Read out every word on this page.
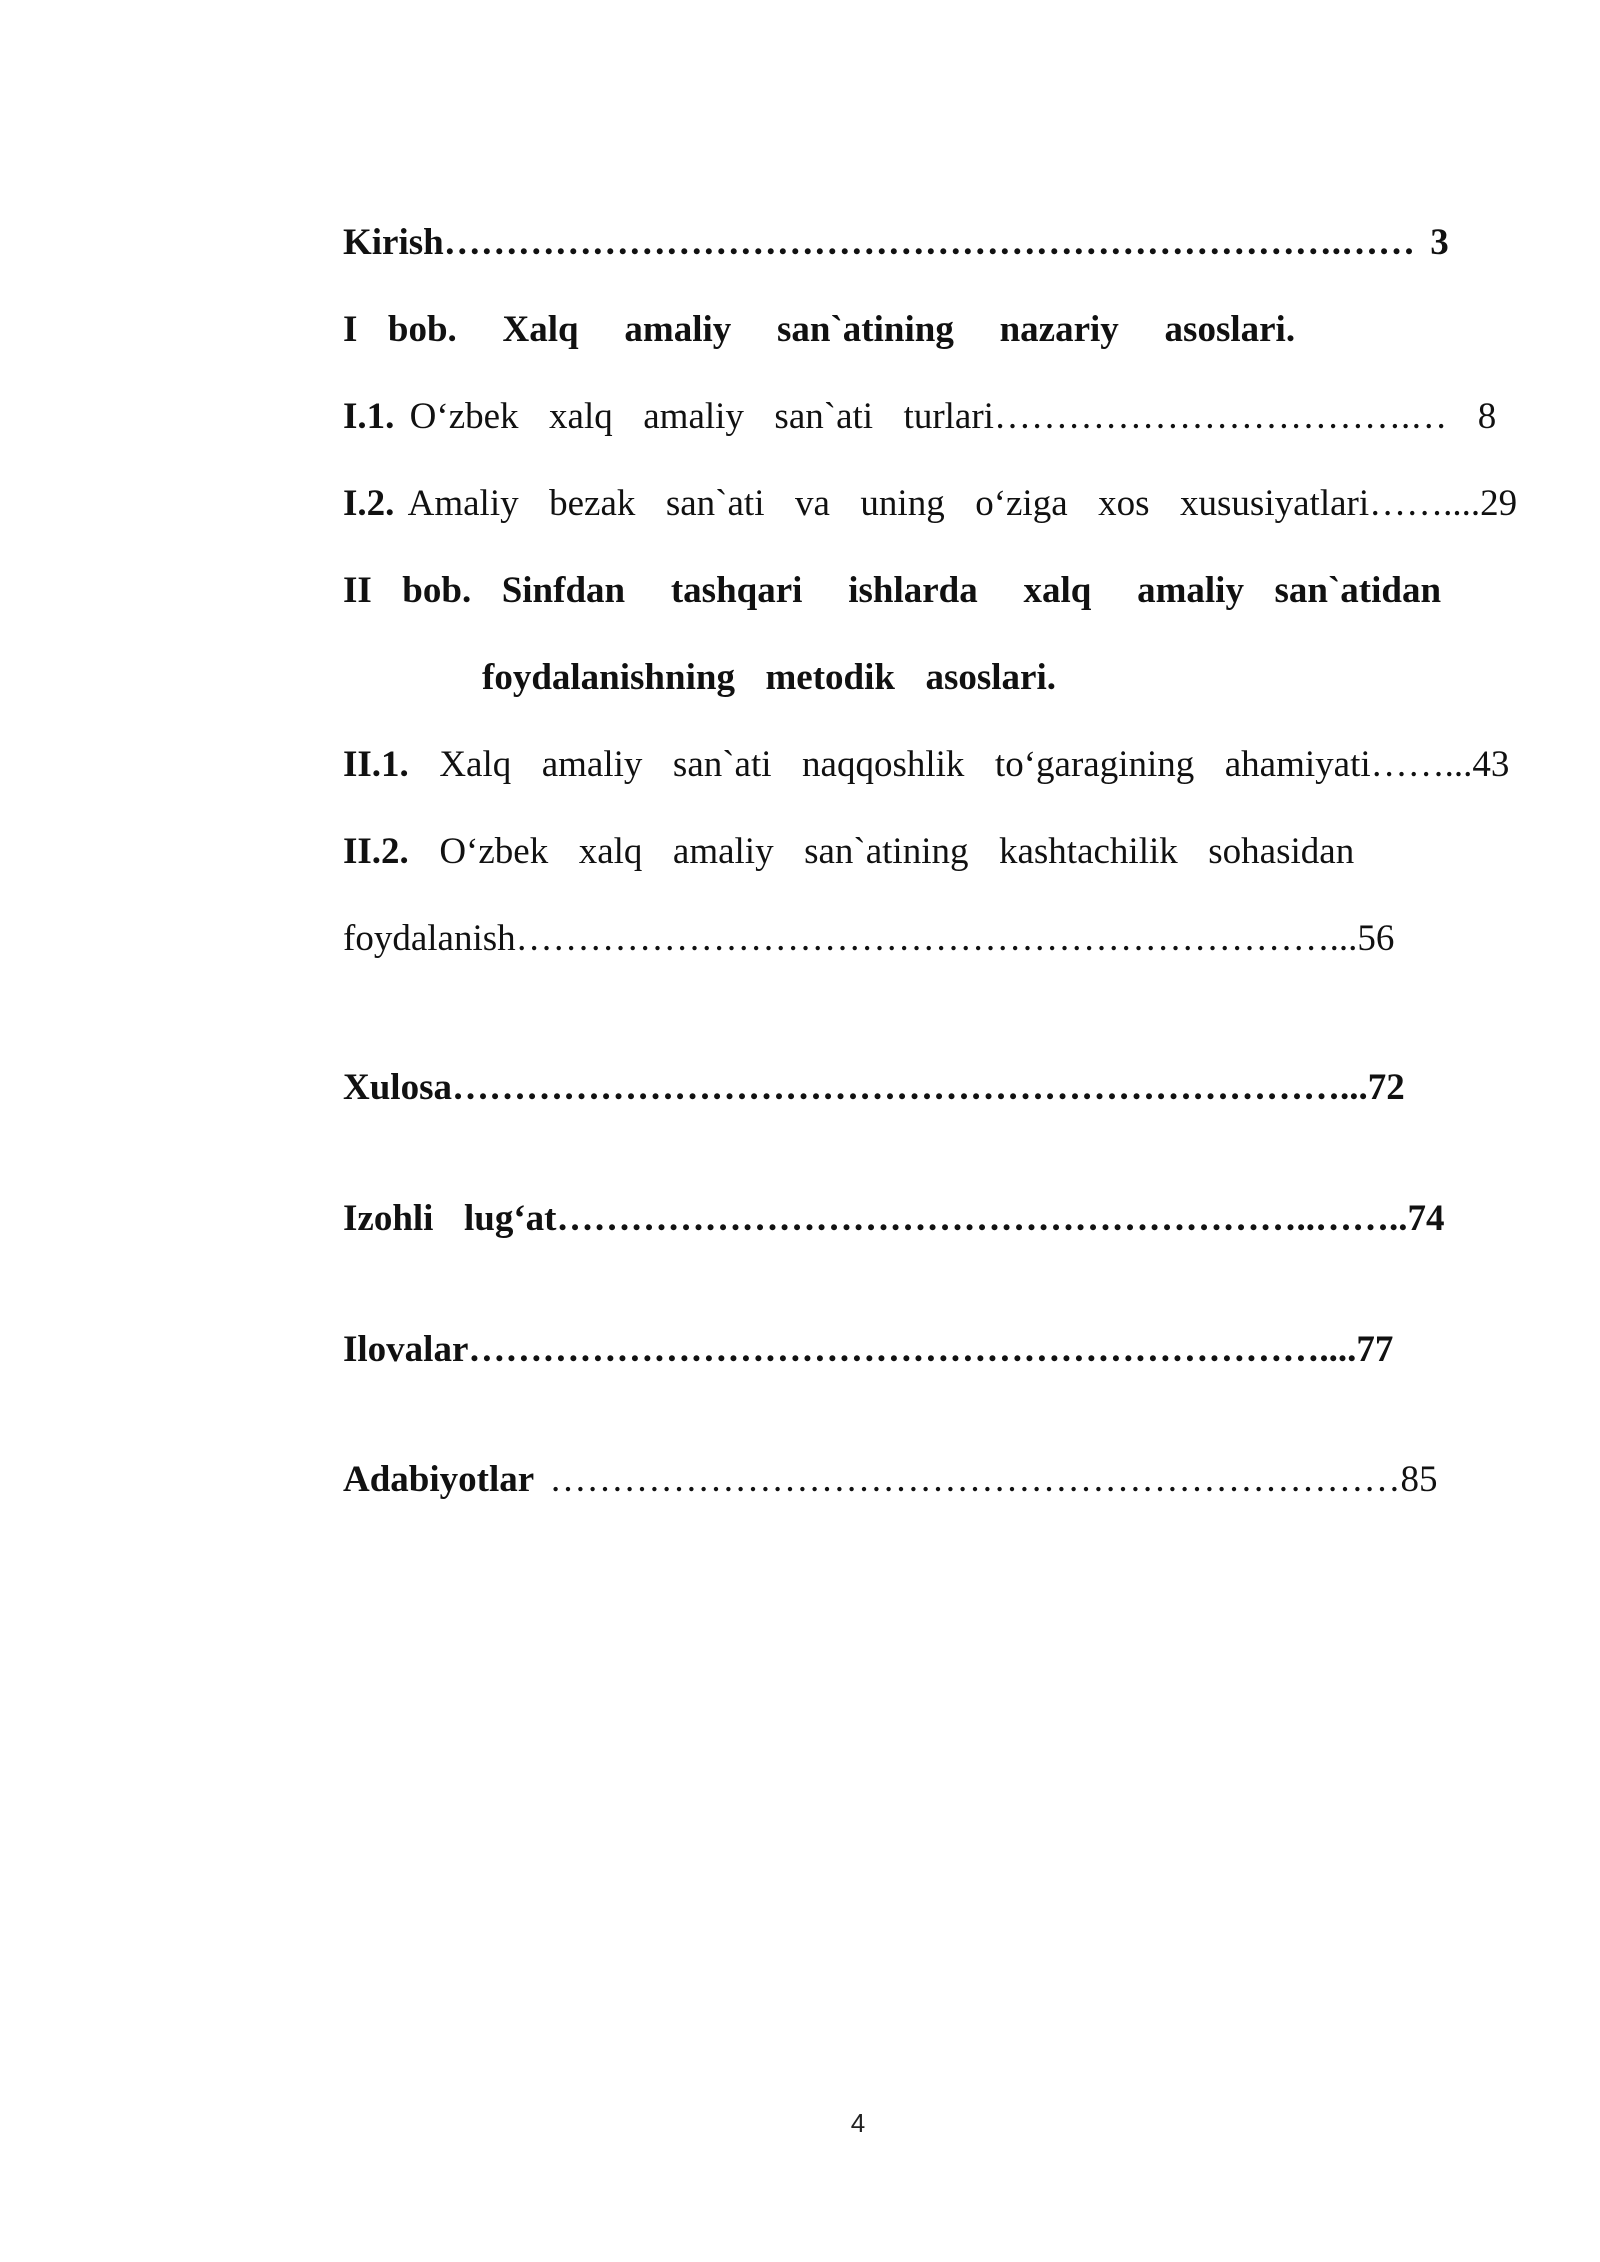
Kirish……………………………………………………………….…… 3
I  bob.   Xalq   amaliy   san`atining   nazariy   asoslari.
I.1. O‘zbek  xalq  amaliy  san`ati  turlari…………………………….…  8
I.2. Amaliy  bezak  san`ati  va  uning  o‘ziga  xos  xususiyatlari……....29
II  bob.  Sinfdan   tashqari   ishlarda   xalq   amaliy  san`atidan
foydalanishning  metodik  asoslari.
II.1.  Xalq  amaliy  san`ati  naqqoshlik  to‘garagining  ahamiyati……...43
II.2.  O‘zbek  xalq  amaliy  san`atining  kashtachilik  sohasidan
foydalanish…………………………………………………………...56
Xulosa………………………………………………………………...72
Izohli  lug‘at……………………………………………………..……..74
Ilovalar……………………………………………………………....77
Adabiyotlar ……………………………………………………………85
4
